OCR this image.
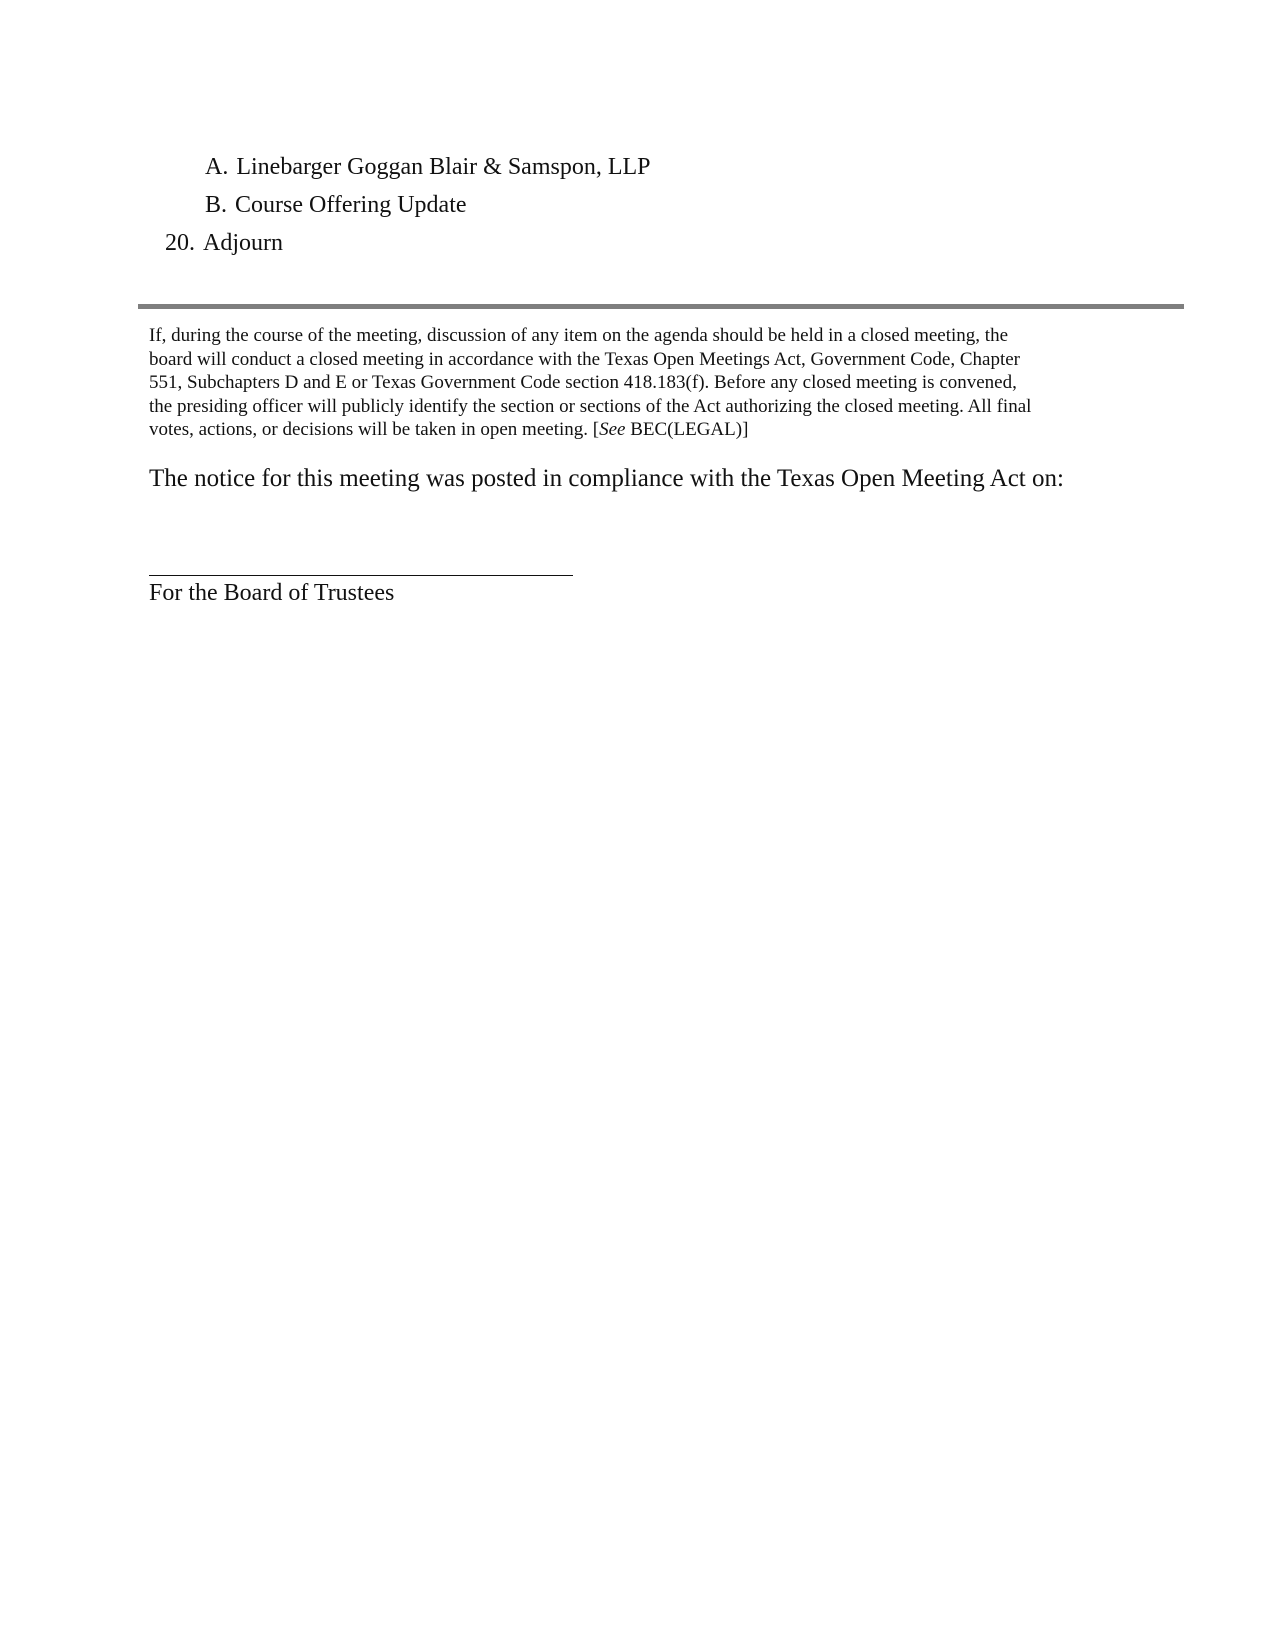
A. Linebarger Goggan Blair & Samspon, LLP
B. Course Offering Update
20. Adjourn
If, during the course of the meeting, discussion of any item on the agenda should be held in a closed meeting, the
board will conduct a closed meeting in accordance with the Texas Open Meetings Act, Government Code, Chapter
551, Subchapters D and E or Texas Government Code section 418.183(f). Before any closed meeting is convened,
the presiding officer will publicly identify the section or sections of the Act authorizing the closed meeting. All final
votes, actions, or decisions will be taken in open meeting. [See BEC(LEGAL)]
The notice for this meeting was posted in compliance with the Texas Open Meeting Act on:
For the Board of Trustees
